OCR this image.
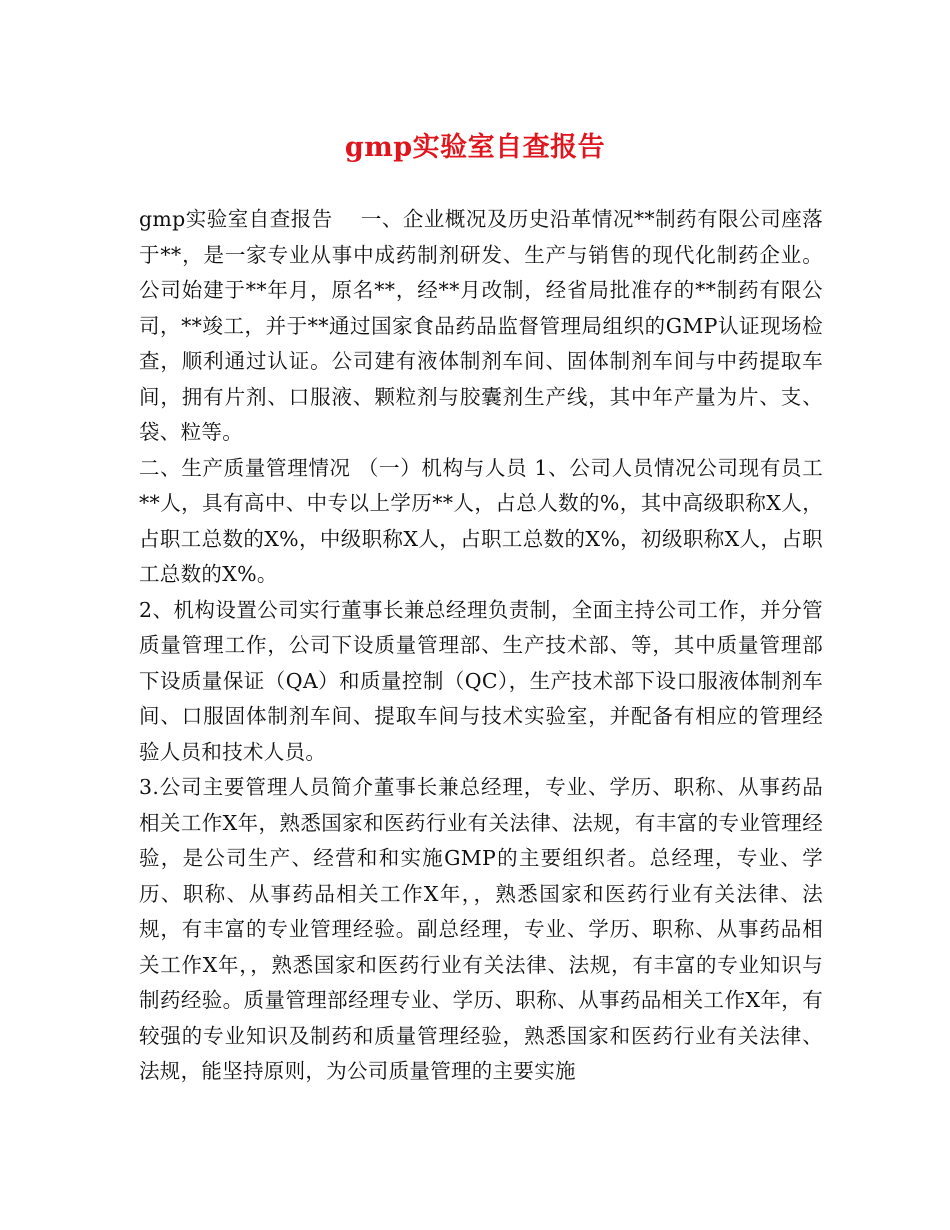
gmp实验室自查报告

gmp实验室自查报告　 一、企业概况及历史沿革情况**制药有限公司座落于**，是一家专业从事中成药制剂研发、生产与销售的现代化制药企业。公司始建于**年月，原名**，经**月改制，经省局批准存的**制药有限公司，**竣工，并于**通过国家食品药品监督管理局组织的GMP认证现场检查，顺利通过认证。公司建有液体制剂车间、固体制剂车间与中药提取车间，拥有片剂、口服液、颗粒剂与胶囊剂生产线，其中年产量为片、支、袋、粒等。

二、生产质量管理情况 （一）机构与人员 1、公司人员情况公司现有员工**人，具有高中、中专以上学历**人，占总人数的%，其中高级职称X人，占职工总数的X%，中级职称X人，占职工总数的X%，初级职称X人，占职工总数的X%。

2、机构设置公司实行董事长兼总经理负责制，全面主持公司工作，并分管质量管理工作，公司下设质量管理部、生产技术部、等，其中质量管理部下设质量保证（QA）和质量控制（QC），生产技术部下设口服液体制剂车间、口服固体制剂车间、提取车间与技术实验室，并配备有相应的管理经验人员和技术人员。

3.公司主要管理人员简介董事长兼总经理，专业、学历、职称、从事药品相关工作X年，熟悉国家和医药行业有关法律、法规，有丰富的专业管理经验，是公司生产、经营和和实施GMP的主要组织者。总经理，专业、学历、职称、从事药品相关工作X年，，熟悉国家和医药行业有关法律、法规，有丰富的专业管理经验。副总经理，专业、学历、职称、从事药品相关工作X年，，熟悉国家和医药行业有关法律、法规，有丰富的专业知识与制药经验。质量管理部经理专业、学历、职称、从事药品相关工作X年，有较强的专业知识及制药和质量管理经验，熟悉国家和医药行业有关法律、法规，能坚持原则，为公司质量管理的主要实施
